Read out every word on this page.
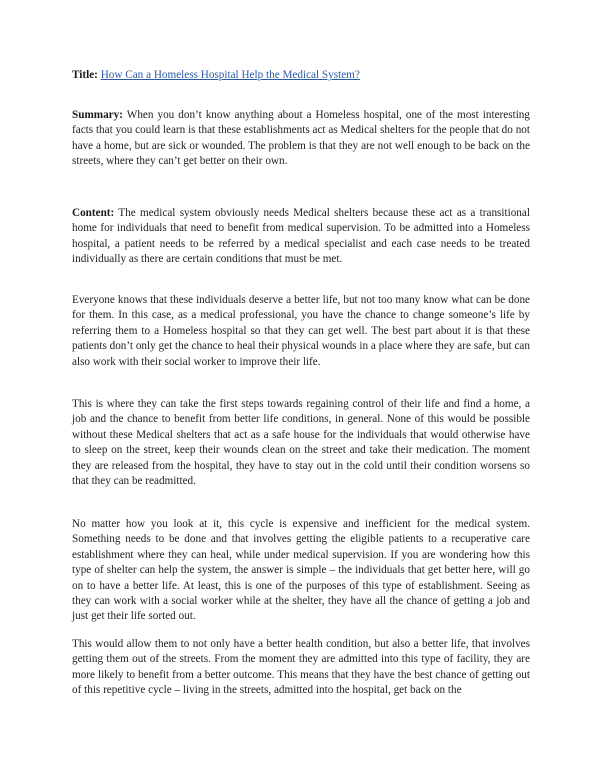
Title: How Can a Homeless Hospital Help the Medical System?

Summary: When you don’t know anything about a Homeless hospital, one of the most interesting facts that you could learn is that these establishments act as Medical shelters for the people that do not have a home, but are sick or wounded. The problem is that they are not well enough to be back on the streets, where they can’t get better on their own.

Content: The medical system obviously needs Medical shelters because these act as a transitional home for individuals that need to benefit from medical supervision. To be admitted into a Homeless hospital, a patient needs to be referred by a medical specialist and each case needs to be treated individually as there are certain conditions that must be met.

Everyone knows that these individuals deserve a better life, but not too many know what can be done for them. In this case, as a medical professional, you have the chance to change someone’s life by referring them to a Homeless hospital so that they can get well. The best part about it is that these patients don’t only get the chance to heal their physical wounds in a place where they are safe, but can also work with their social worker to improve their life.

This is where they can take the first steps towards regaining control of their life and find a home, a job and the chance to benefit from better life conditions, in general. None of this would be possible without these Medical shelters that act as a safe house for the individuals that would otherwise have to sleep on the street, keep their wounds clean on the street and take their medication. The moment they are released from the hospital, they have to stay out in the cold until their condition worsens so that they can be readmitted.

No matter how you look at it, this cycle is expensive and inefficient for the medical system. Something needs to be done and that involves getting the eligible patients to a recuperative care establishment where they can heal, while under medical supervision. If you are wondering how this type of shelter can help the system, the answer is simple – the individuals that get better here, will go on to have a better life. At least, this is one of the purposes of this type of establishment. Seeing as they can work with a social worker while at the shelter, they have all the chance of getting a job and just get their life sorted out.

This would allow them to not only have a better health condition, but also a better life, that involves getting them out of the streets. From the moment they are admitted into this type of facility, they are more likely to benefit from a better outcome. This means that they have the best chance of getting out of this repetitive cycle – living in the streets, admitted into the hospital, get back on the
